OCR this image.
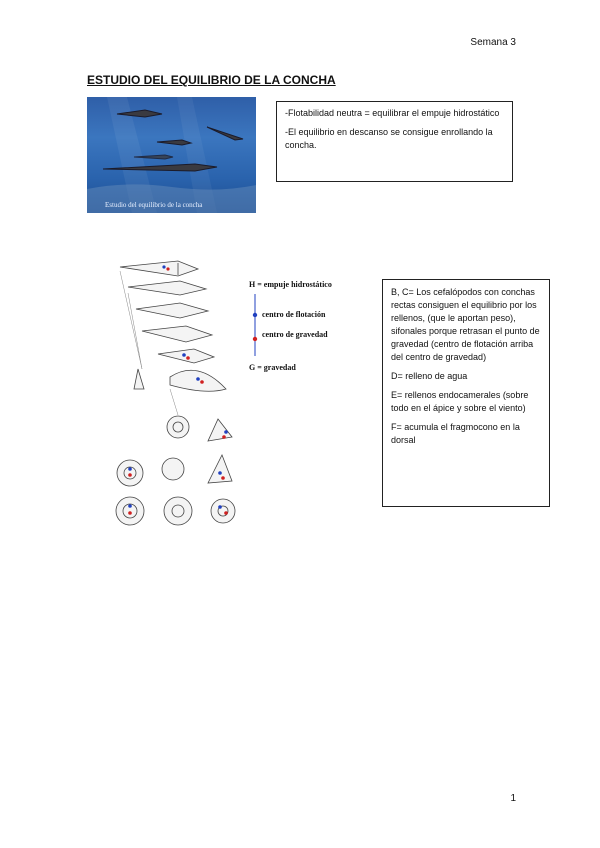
Semana 3
ESTUDIO DEL EQUILIBRIO DE LA CONCHA
Estudio del equilibrio de la concha

-Flotabilidad neutra = equilibrar el empuje hidrostático

-El equilibrio en descanso se consigue enrollando la concha.

H = empuje hidrostático
centro de flotación
centro de gravedad
G = gravedad

B, C= Los cefalópodos con conchas rectas consiguen el equilibrio por los rellenos, (que le aportan peso), sifonales porque retrasan el punto de gravedad (centro de flotación arriba del centro de gravedad)

D= relleno de agua

E= rellenos endocamerales (sobre todo en el ápice y sobre el viento)

F= acumula el fragmocono en la dorsal

1
